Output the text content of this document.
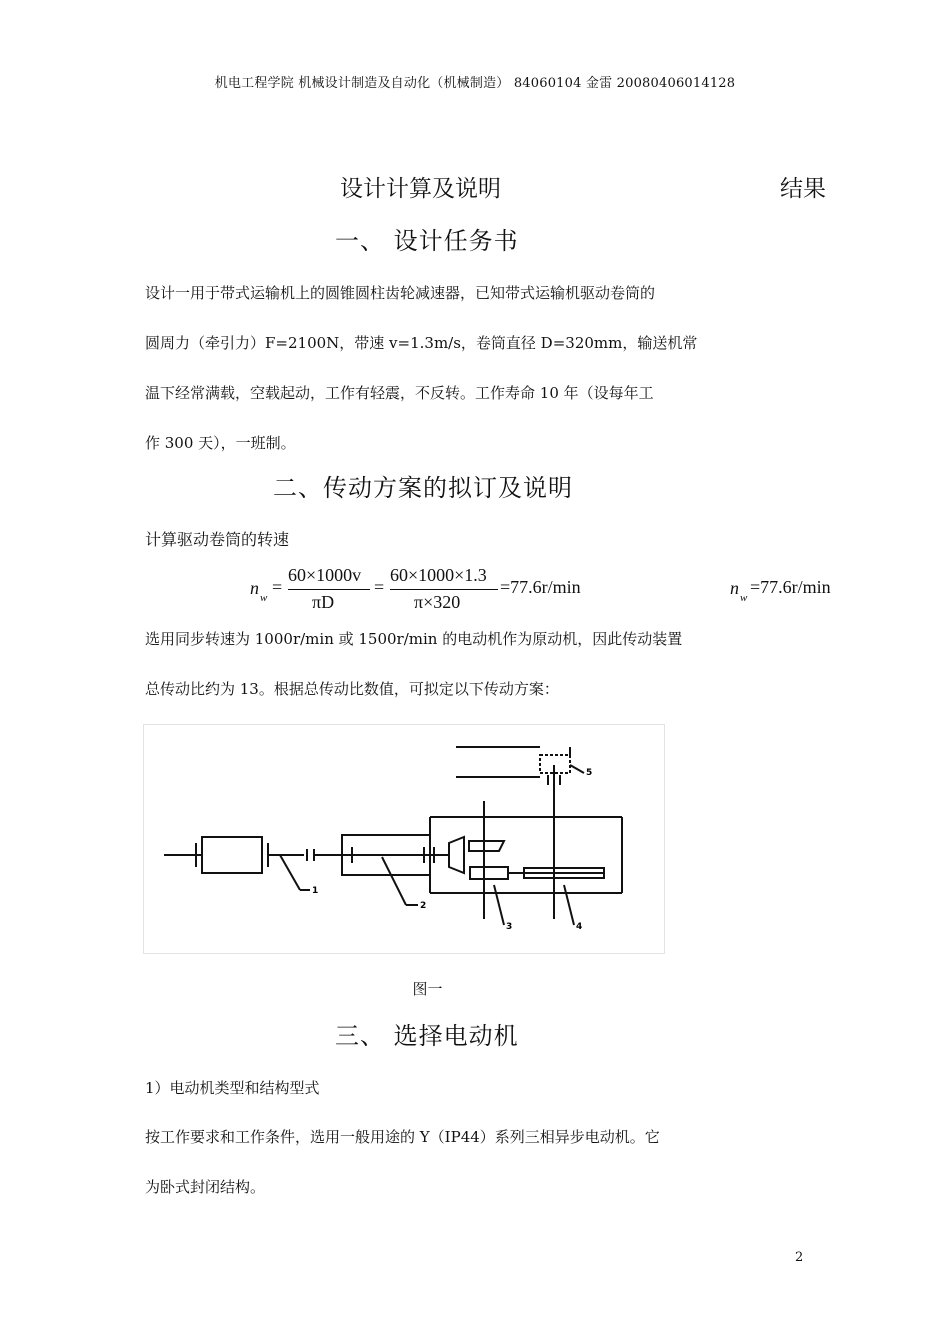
机电工程学院 机械设计制造及自动化（机械制造） 84060104 金雷 20080406014128
设计计算及说明	结果
一、 设计任务书

设计一用于带式运输机上的圆锥圆柱齿轮减速器，已知带式运输机驱动卷筒的

圆周力（牵引力）F=2100N，带速 v=1.3m/s，卷筒直径 D=320mm，输送机常

温下经常满载，空载起动，工作有轻震，不反转。工作寿命 10 年（设每年工

作 300 天），一班制。

二、传动方案的拟订及说明
计算驱动卷筒的转速
n w
=
60×1000v
πD
=
60×1000×1.3
π×320
=77.6r/min	n w
=77.6r/min

选用同步转速为 1000r/min 或 1500r/min 的电动机作为原动机，因此传动装置

总传动比约为 13。根据总传动比数值，可拟定以下传动方案：

1
2
3	4
5
图一
三、 选择电动机
1）电动机类型和结构型式

按工作要求和工作条件，选用一般用途的 Y（IP44）系列三相异步电动机。它

为卧式封闭结构。

2
